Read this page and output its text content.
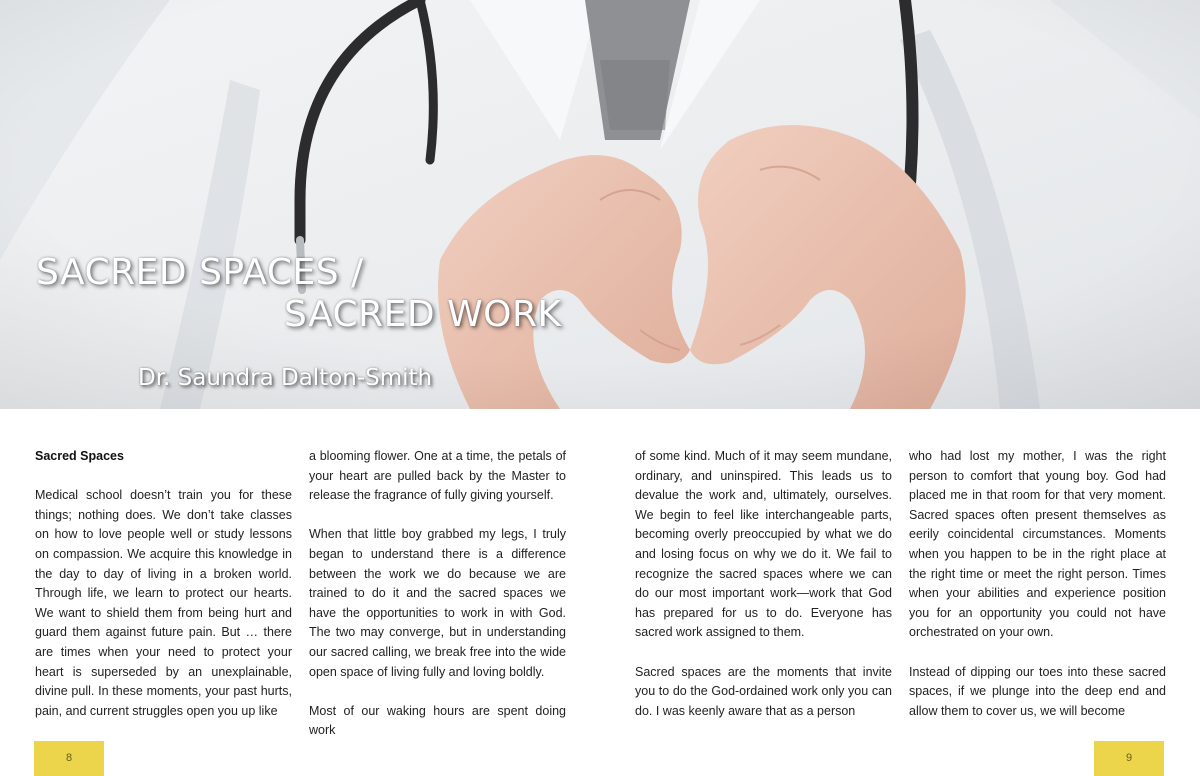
SACRED SPACES /
SACRED WORK
Dr. Saundra Dalton-Smith

Sacred Spaces

Medical school doesn’t train you for these things; nothing does. We don’t take classes on how to love people well or study lessons on compassion. We acquire this knowledge in the day to day of living in a broken world. Through life, we learn to protect our hearts. We want to shield them from being hurt and guard them against future pain. But … there are times when your need to protect your heart is superseded by an unexplainable, divine pull. In these moments, your past hurts, pain, and current struggles open you up like

a blooming flower. One at a time, the petals of your heart are pulled back by the Master to release the fragrance of fully giving yourself.

When that little boy grabbed my legs, I truly began to understand there is a difference between the work we do because we are trained to do it and the sacred spaces we have the opportunities to work in with God. The two may converge, but in understanding our sacred calling, we break free into the wide open space of living fully and loving boldly.

Most of our waking hours are spent doing work

of some kind. Much of it may seem mundane, ordinary, and uninspired. This leads us to devalue the work and, ultimately, ourselves. We begin to feel like interchangeable parts, becoming overly preoccupied by what we do and losing focus on why we do it. We fail to recognize the sacred spaces where we can do our most important work—work that God has prepared for us to do. Everyone has sacred work assigned to them.

Sacred spaces are the moments that invite you to do the God-ordained work only you can do. I was keenly aware that as a person

who had lost my mother, I was the right person to comfort that young boy. God had placed me in that room for that very moment. Sacred spaces often present themselves as eerily coincidental circumstances. Moments when you happen to be in the right place at the right time or meet the right person. Times when your abilities and experience position you for an opportunity you could not have orchestrated on your own.

Instead of dipping our toes into these sacred spaces, if we plunge into the deep end and allow them to cover us, we will become

8	9
